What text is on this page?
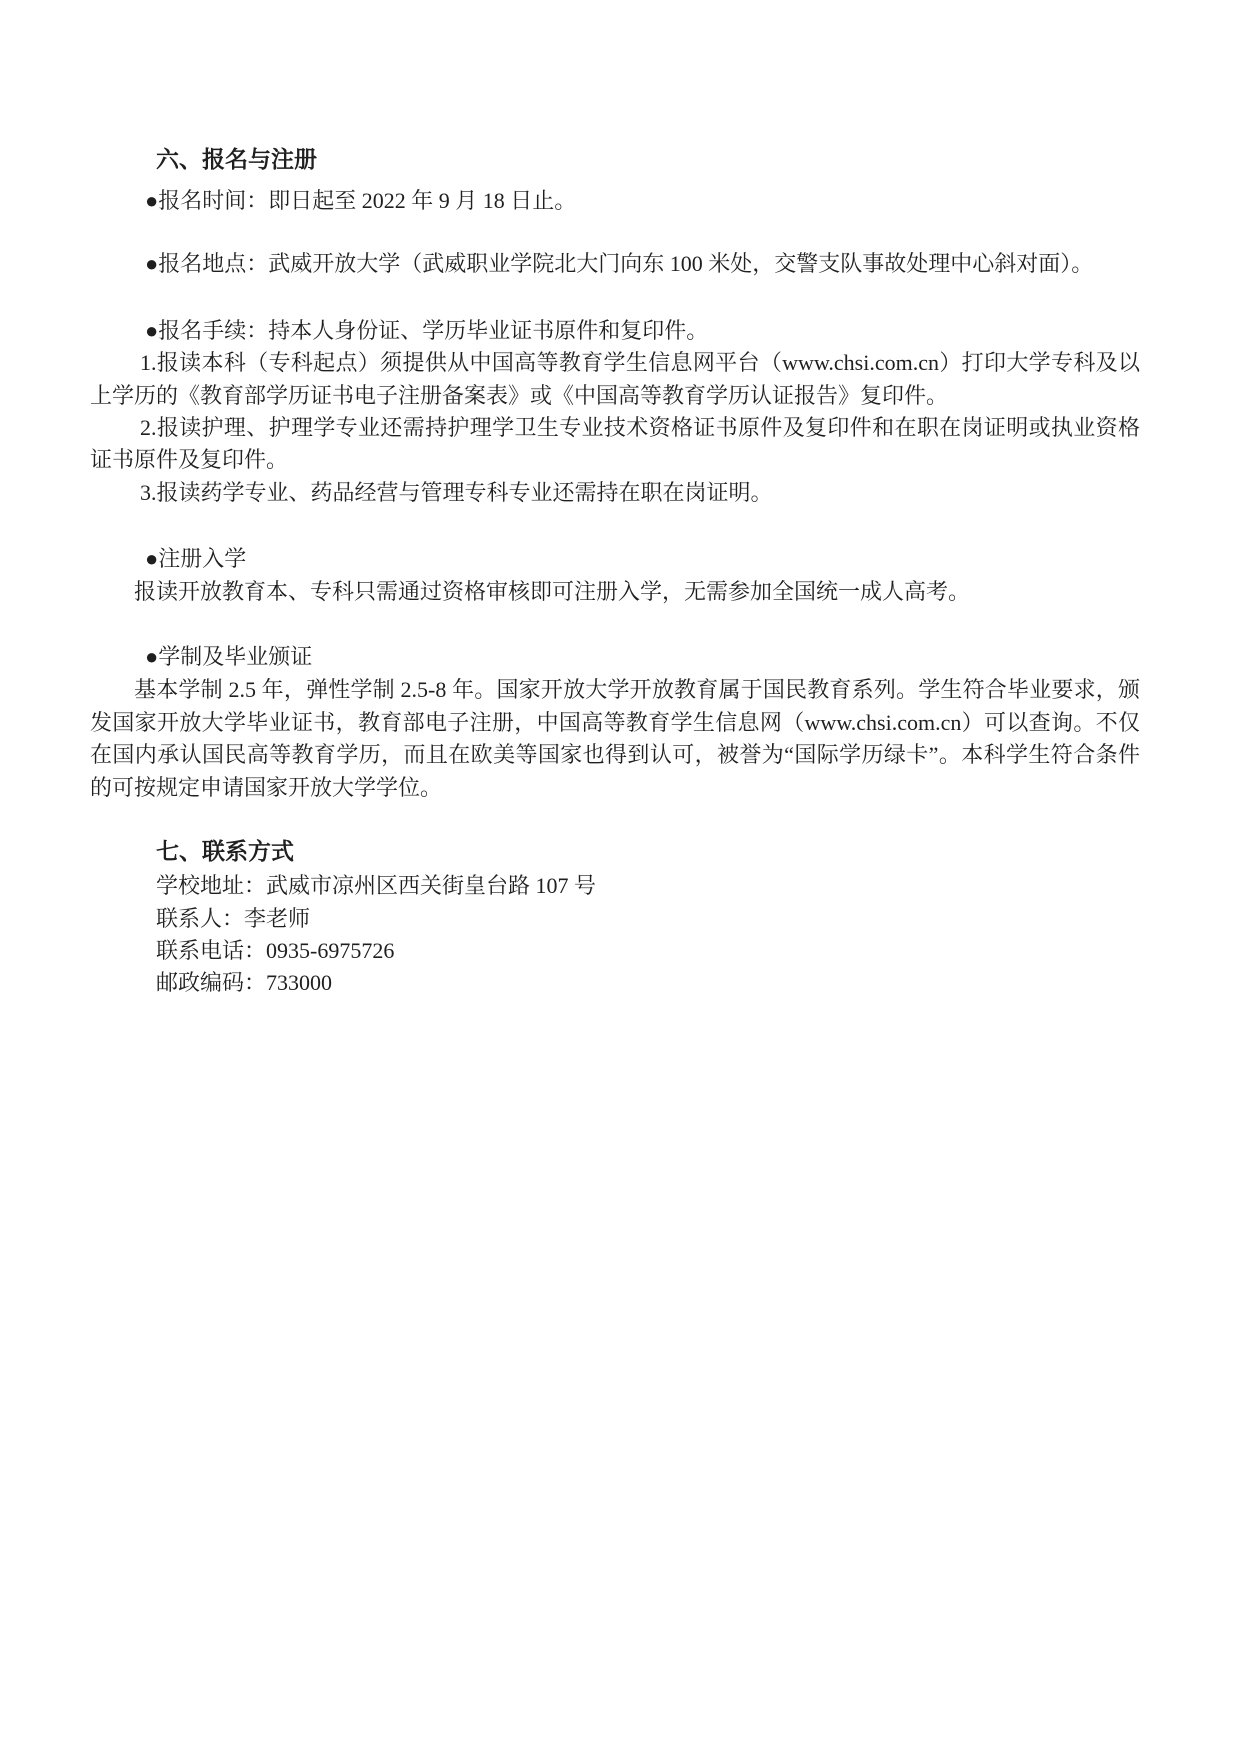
六、报名与注册

●报名时间：即日起至 2022 年 9 月 18 日止。

●报名地点：武威开放大学（武威职业学院北大门向东 100 米处，交警支队事故处理中心斜对面）。

●报名手续：持本人身份证、学历毕业证书原件和复印件。

1.报读本科（专科起点）须提供从中国高等教育学生信息网平台（www.chsi.com.cn）打印大学专科及以上学历的《教育部学历证书电子注册备案表》或《中国高等教育学历认证报告》复印件。

2.报读护理、护理学专业还需持护理学卫生专业技术资格证书原件及复印件和在职在岗证明或执业资格证书原件及复印件。

3.报读药学专业、药品经营与管理专科专业还需持在职在岗证明。

●注册入学

报读开放教育本、专科只需通过资格审核即可注册入学，无需参加全国统一成人高考。

●学制及毕业颁证

基本学制 2.5 年，弹性学制 2.5-8 年。国家开放大学开放教育属于国民教育系列。学生符合毕业要求，颁发国家开放大学毕业证书，教育部电子注册，中国高等教育学生信息网（www.chsi.com.cn）可以查询。不仅在国内承认国民高等教育学历，而且在欧美等国家也得到认可，被誉为“国际学历绿卡”。本科学生符合条件的可按规定申请国家开放大学学位。

七、联系方式

学校地址：武威市凉州区西关街皇台路 107 号

联系人：李老师

联系电话：0935-6975726

邮政编码：733000
